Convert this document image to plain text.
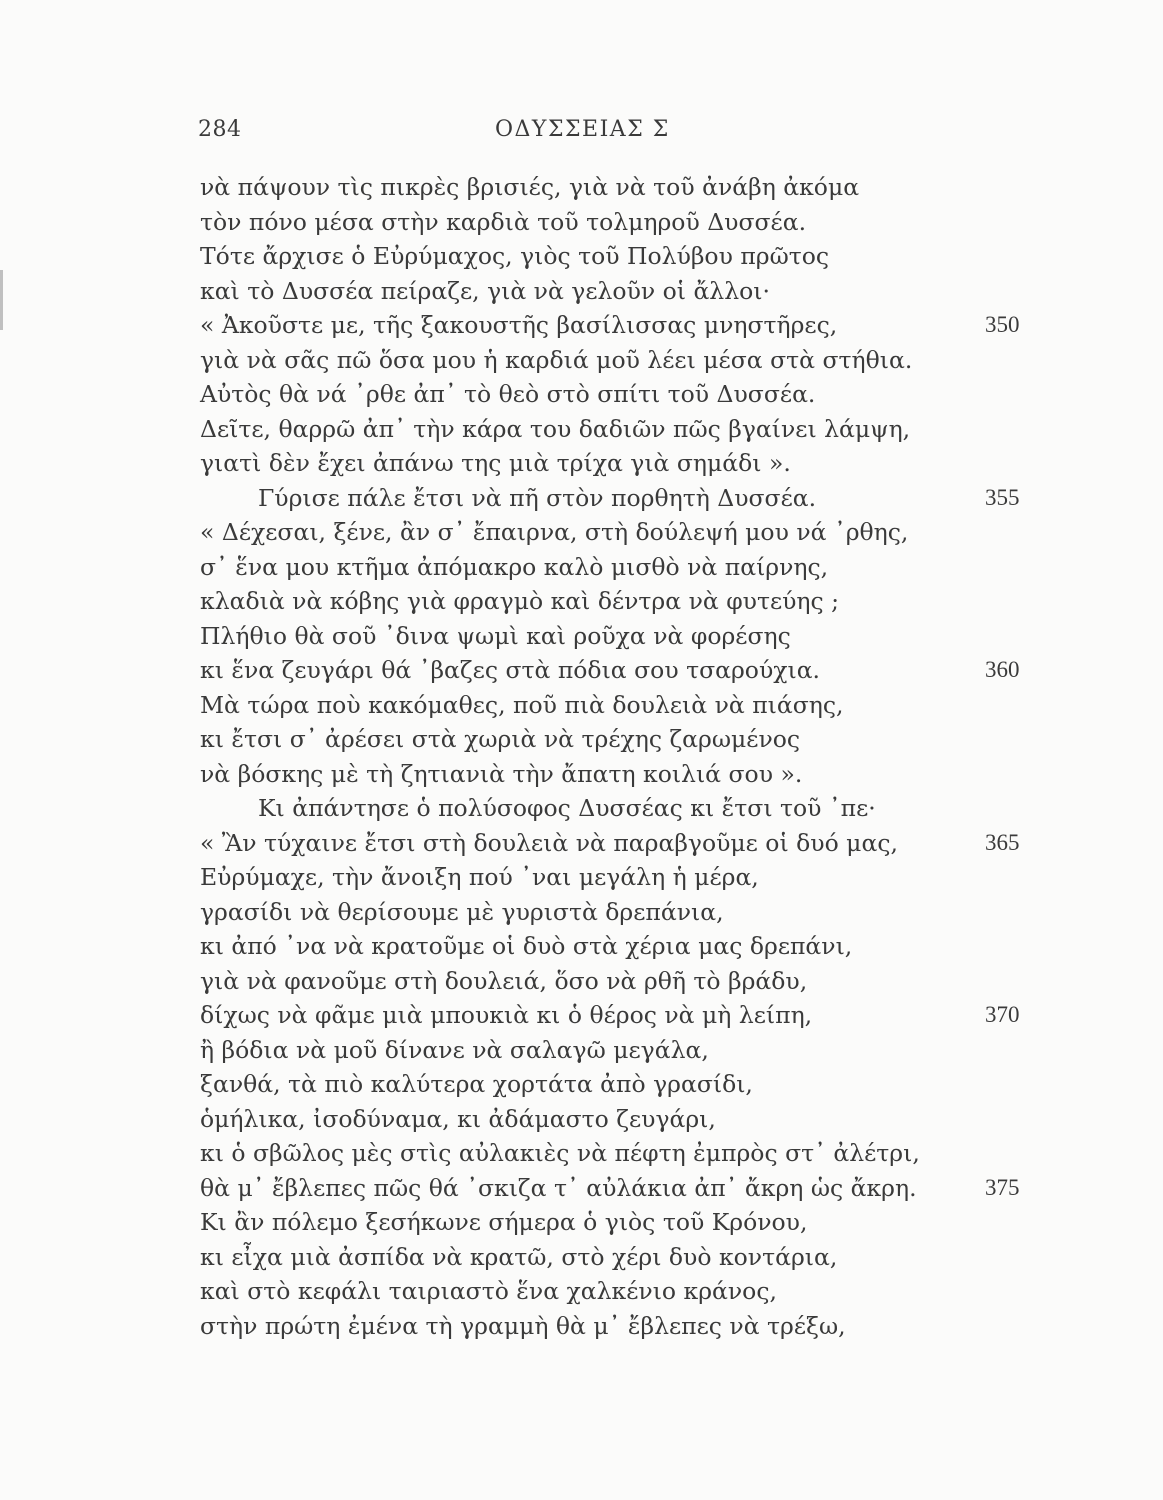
284	ΟΔΥΣΣΕΙΑΣ Σ
νὰ πάψουν τὶς πικρὲς βρισιές, γιὰ νὰ τοῦ ἀνάβη ἀκόμα
τὸν πόνο μέσα στὴν καρδιὰ τοῦ τολμηροῦ Δυσσέα.
Τότε ἄρχισε ὁ Εὐρύμαχος, γιὸς τοῦ Πολύβου πρῶτος
καὶ τὸ Δυσσέα πείραζε, γιὰ νὰ γελοῦν οἱ ἄλλοι·
« Ἀκοῦστε με, τῆς ξακουστῆς βασίλισσας μνηστῆρες,	350
γιὰ νὰ σᾶς πῶ ὅσα μου ἡ καρδιά μοῦ λέει μέσα στὰ στήθια.
Αὐτὸς θὰ νά ᾿ρθε ἀπ᾿ τὸ θεὸ στὸ σπίτι τοῦ Δυσσέα.
Δεῖτε, θαρρῶ ἀπ᾿ τὴν κάρα του δαδιῶν πῶς βγαίνει λάμψη,
γιατὶ δὲν ἔχει ἀπάνω της μιὰ τρίχα γιὰ σημάδι ».
Γύρισε πάλε ἔτσι νὰ πῆ στὸν πορθητὴ Δυσσέα.	355
« Δέχεσαι, ξένε, ἂν σ᾿ ἔπαιρνα, στὴ δούλεψή μου νά ᾿ρθης,
σ᾿ ἕνα μου κτῆμα ἀπόμακρο καλὸ μισθὸ νὰ παίρνης,
κλαδιὰ νὰ κόβης γιὰ φραγμὸ καὶ δέντρα νὰ φυτεύης ;
Πλήθιο θὰ σοῦ ᾿δινα ψωμὶ καὶ ροῦχα νὰ φορέσης
κι ἕνα ζευγάρι θά ᾿βαζες στὰ πόδια σου τσαρούχια.	360
Μὰ τώρα ποὺ κακόμαθες, ποῦ πιὰ δουλειὰ νὰ πιάσης,
κι ἔτσι σ᾿ ἀρέσει στὰ χωριὰ νὰ τρέχης ζαρωμένος
νὰ βόσκης μὲ τὴ ζητιανιὰ τὴν ἄπατη κοιλιά σου ».
Κι ἀπάντησε ὁ πολύσοφος Δυσσέας κι ἔτσι τοῦ ᾿πε·
« Ἂν τύχαινε ἔτσι στὴ δουλειὰ νὰ παραβγοῦμε οἱ δυό μας,	365
Εὐρύμαχε, τὴν ἄνοιξη πού ᾿ναι μεγάλη ἡ μέρα,
γρασίδι νὰ θερίσουμε μὲ γυριστὰ δρεπάνια,
κι ἀπό ᾿να νὰ κρατοῦμε οἱ δυὸ στὰ χέρια μας δρεπάνι,
γιὰ νὰ φανοῦμε στὴ δουλειά, ὅσο νὰ ρθῆ τὸ βράδυ,
δίχως νὰ φᾶμε μιὰ μπουκιὰ κι ὁ θέρος νὰ μὴ λείπη,	370
ἢ βόδια νὰ μοῦ δίνανε νὰ σαλαγῶ μεγάλα,
ξανθά, τὰ πιὸ καλύτερα χορτάτα ἀπὸ γρασίδι,
ὁμήλικα, ἰσοδύναμα, κι ἀδάμαστο ζευγάρι,
κι ὁ σβῶλος μὲς στὶς αὐλακιὲς νὰ πέφτη ἐμπρὸς στ᾿ ἀλέτρι,
θὰ μ᾿ ἔβλεπες πῶς θά ᾿σκιζα τ᾿ αὐλάκια ἀπ᾿ ἄκρη ὡς ἄκρη.	375
Κι ἂν πόλεμο ξεσήκωνε σήμερα ὁ γιὸς τοῦ Κρόνου,
κι εἶχα μιὰ ἀσπίδα νὰ κρατῶ, στὸ χέρι δυὸ κοντάρια,
καὶ στὸ κεφάλι ταιριαστὸ ἕνα χαλκένιο κράνος,
στὴν πρώτη ἐμένα τὴ γραμμὴ θὰ μ᾿ ἔβλεπες νὰ τρέξω,
